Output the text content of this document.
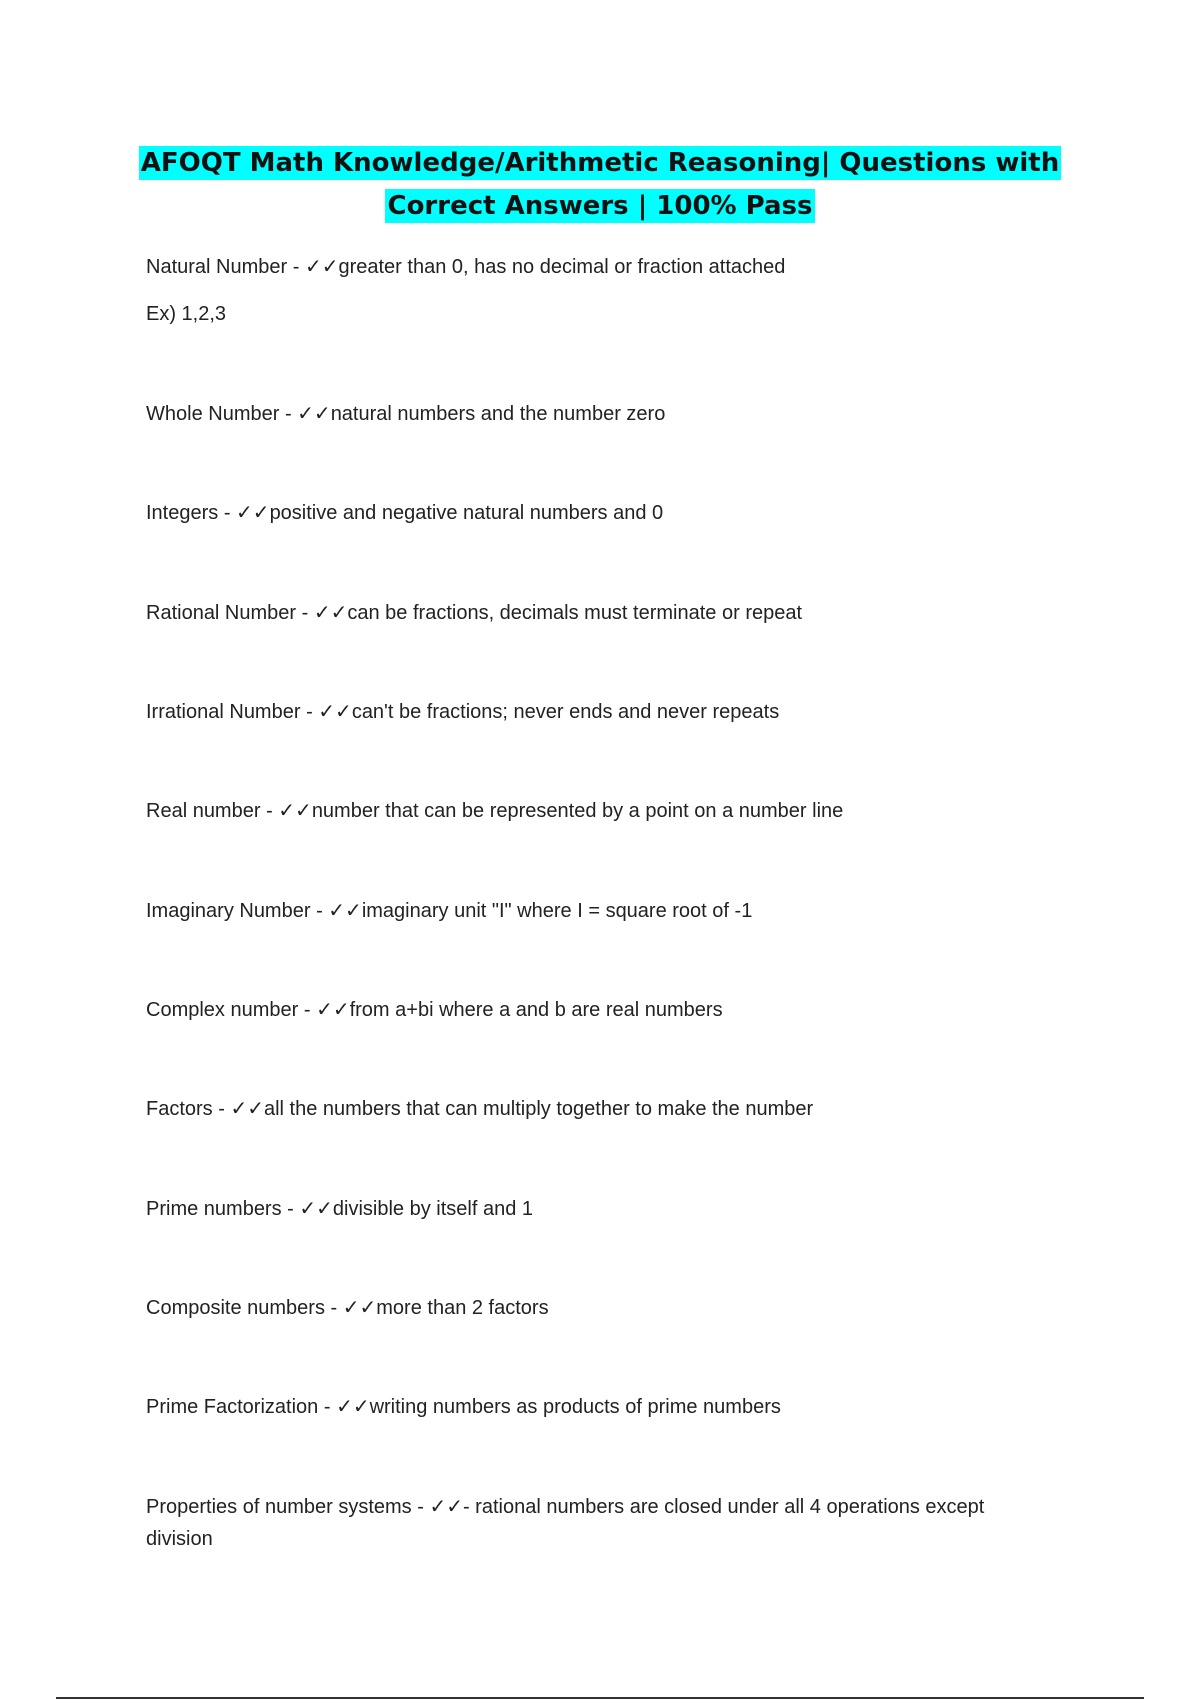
AFOQT Math Knowledge/Arithmetic Reasoning| Questions with
Correct Answers | 100% Pass
Natural Number - ✓✓greater than 0, has no decimal or fraction attached
Ex) 1,2,3
Whole Number - ✓✓natural numbers and the number zero
Integers - ✓✓positive and negative natural numbers and 0
Rational Number - ✓✓can be fractions, decimals must terminate or repeat
Irrational Number - ✓✓can't be fractions; never ends and never repeats
Real number - ✓✓number that can be represented by a point on a number line
Imaginary Number - ✓✓imaginary unit "I" where I = square root of -1
Complex number - ✓✓from a+bi where a and b are real numbers
Factors - ✓✓all the numbers that can multiply together to make the number
Prime numbers - ✓✓divisible by itself and 1
Composite numbers - ✓✓more than 2 factors
Prime Factorization - ✓✓writing numbers as products of prime numbers
Properties of number systems - ✓✓- rational numbers are closed under all 4 operations except division
